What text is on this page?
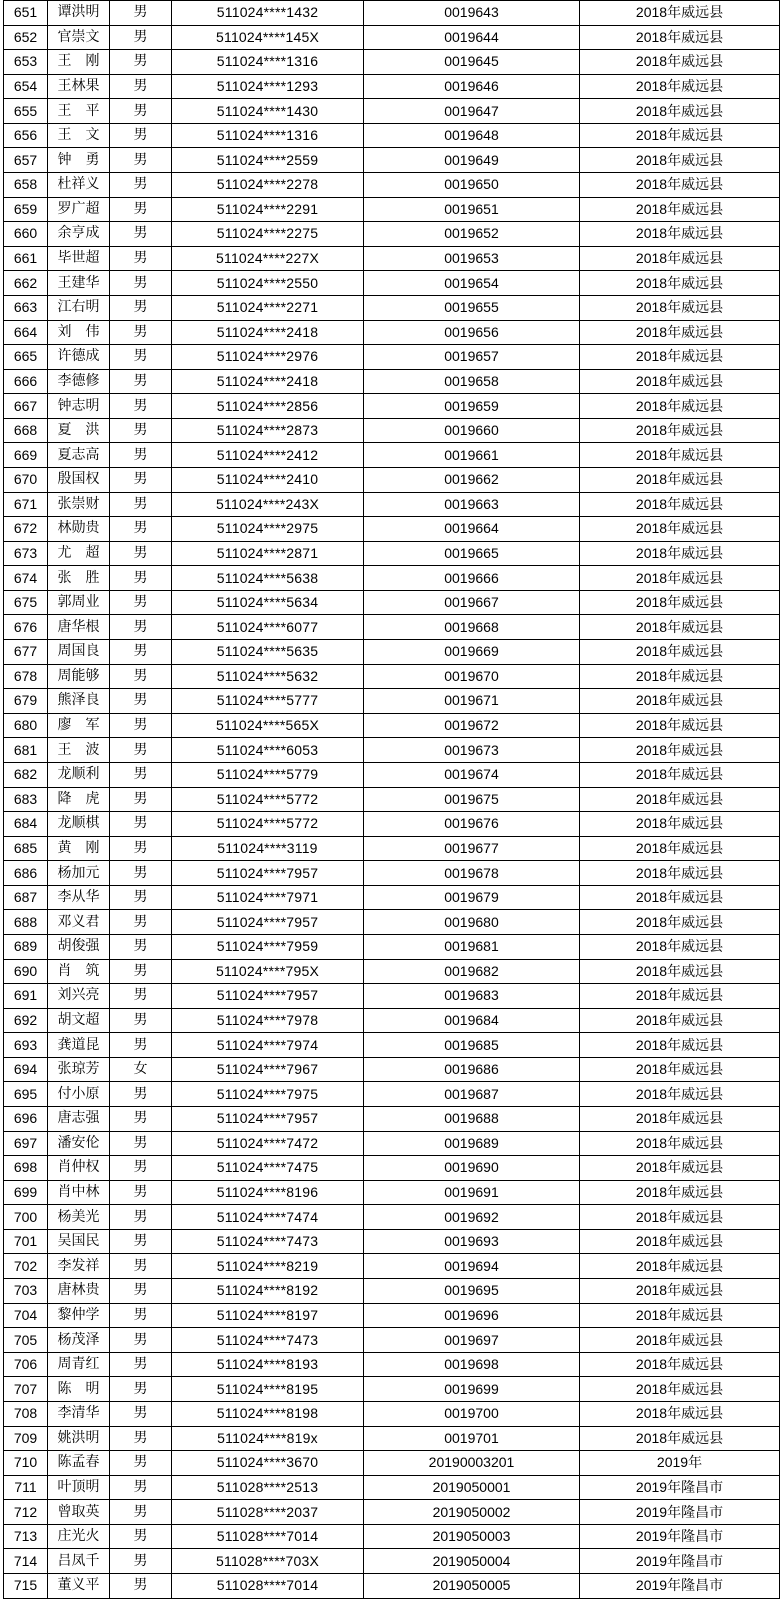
651	谭洪明	男	511024****1432	0019643	2018年威远县
652	官崇文	男	511024****145X	0019644	2018年威远县
653	王　刚	男	511024****1316	0019645	2018年威远县
654	王林果	男	511024****1293	0019646	2018年威远县
655	王　平	男	511024****1430	0019647	2018年威远县
656	王　文	男	511024****1316	0019648	2018年威远县
657	钟　勇	男	511024****2559	0019649	2018年威远县
658	杜祥义	男	511024****2278	0019650	2018年威远县
659	罗广超	男	511024****2291	0019651	2018年威远县
660	余亨成	男	511024****2275	0019652	2018年威远县
661	毕世超	男	511024****227X	0019653	2018年威远县
662	王建华	男	511024****2550	0019654	2018年威远县
663	江右明	男	511024****2271	0019655	2018年威远县
664	刘　伟	男	511024****2418	0019656	2018年威远县
665	许德成	男	511024****2976	0019657	2018年威远县
666	李德修	男	511024****2418	0019658	2018年威远县
667	钟志明	男	511024****2856	0019659	2018年威远县
668	夏　洪	男	511024****2873	0019660	2018年威远县
669	夏志高	男	511024****2412	0019661	2018年威远县
670	殷国权	男	511024****2410	0019662	2018年威远县
671	张崇财	男	511024****243X	0019663	2018年威远县
672	林勋贵	男	511024****2975	0019664	2018年威远县
673	尤　超	男	511024****2871	0019665	2018年威远县
674	张　胜	男	511024****5638	0019666	2018年威远县
675	郭周业	男	511024****5634	0019667	2018年威远县
676	唐华根	男	511024****6077	0019668	2018年威远县
677	周国良	男	511024****5635	0019669	2018年威远县
678	周能够	男	511024****5632	0019670	2018年威远县
679	熊泽良	男	511024****5777	0019671	2018年威远县
680	廖　军	男	511024****565X	0019672	2018年威远县
681	王　波	男	511024****6053	0019673	2018年威远县
682	龙顺利	男	511024****5779	0019674	2018年威远县
683	降　虎	男	511024****5772	0019675	2018年威远县
684	龙顺棋	男	511024****5772	0019676	2018年威远县
685	黄　刚	男	511024****3119	0019677	2018年威远县
686	杨加元	男	511024****7957	0019678	2018年威远县
687	李从华	男	511024****7971	0019679	2018年威远县
688	邓义君	男	511024****7957	0019680	2018年威远县
689	胡俊强	男	511024****7959	0019681	2018年威远县
690	肖　筑	男	511024****795X	0019682	2018年威远县
691	刘兴亮	男	511024****7957	0019683	2018年威远县
692	胡文超	男	511024****7978	0019684	2018年威远县
693	龚道昆	男	511024****7974	0019685	2018年威远县
694	张琼芳	女	511024****7967	0019686	2018年威远县
695	付小原	男	511024****7975	0019687	2018年威远县
696	唐志强	男	511024****7957	0019688	2018年威远县
697	潘安伦	男	511024****7472	0019689	2018年威远县
698	肖仲权	男	511024****7475	0019690	2018年威远县
699	肖中林	男	511024****8196	0019691	2018年威远县
700	杨美光	男	511024****7474	0019692	2018年威远县
701	吴国民	男	511024****7473	0019693	2018年威远县
702	李发祥	男	511024****8219	0019694	2018年威远县
703	唐林贵	男	511024****8192	0019695	2018年威远县
704	黎仲学	男	511024****8197	0019696	2018年威远县
705	杨茂泽	男	511024****7473	0019697	2018年威远县
706	周青红	男	511024****8193	0019698	2018年威远县
707	陈　明	男	511024****8195	0019699	2018年威远县
708	李清华	男	511024****8198	0019700	2018年威远县
709	姚洪明	男	511024****819x	0019701	2018年威远县
710	陈孟春	男	511024****3670	20190003201	2019年
711	叶顶明	男	511028****2513	2019050001	2019年隆昌市
712	曾取英	男	511028****2037	2019050002	2019年隆昌市
713	庄光火	男	511028****7014	2019050003	2019年隆昌市
714	吕凤千	男	511028****703X	2019050004	2019年隆昌市
715	董义平	男	511028****7014	2019050005	2019年隆昌市
